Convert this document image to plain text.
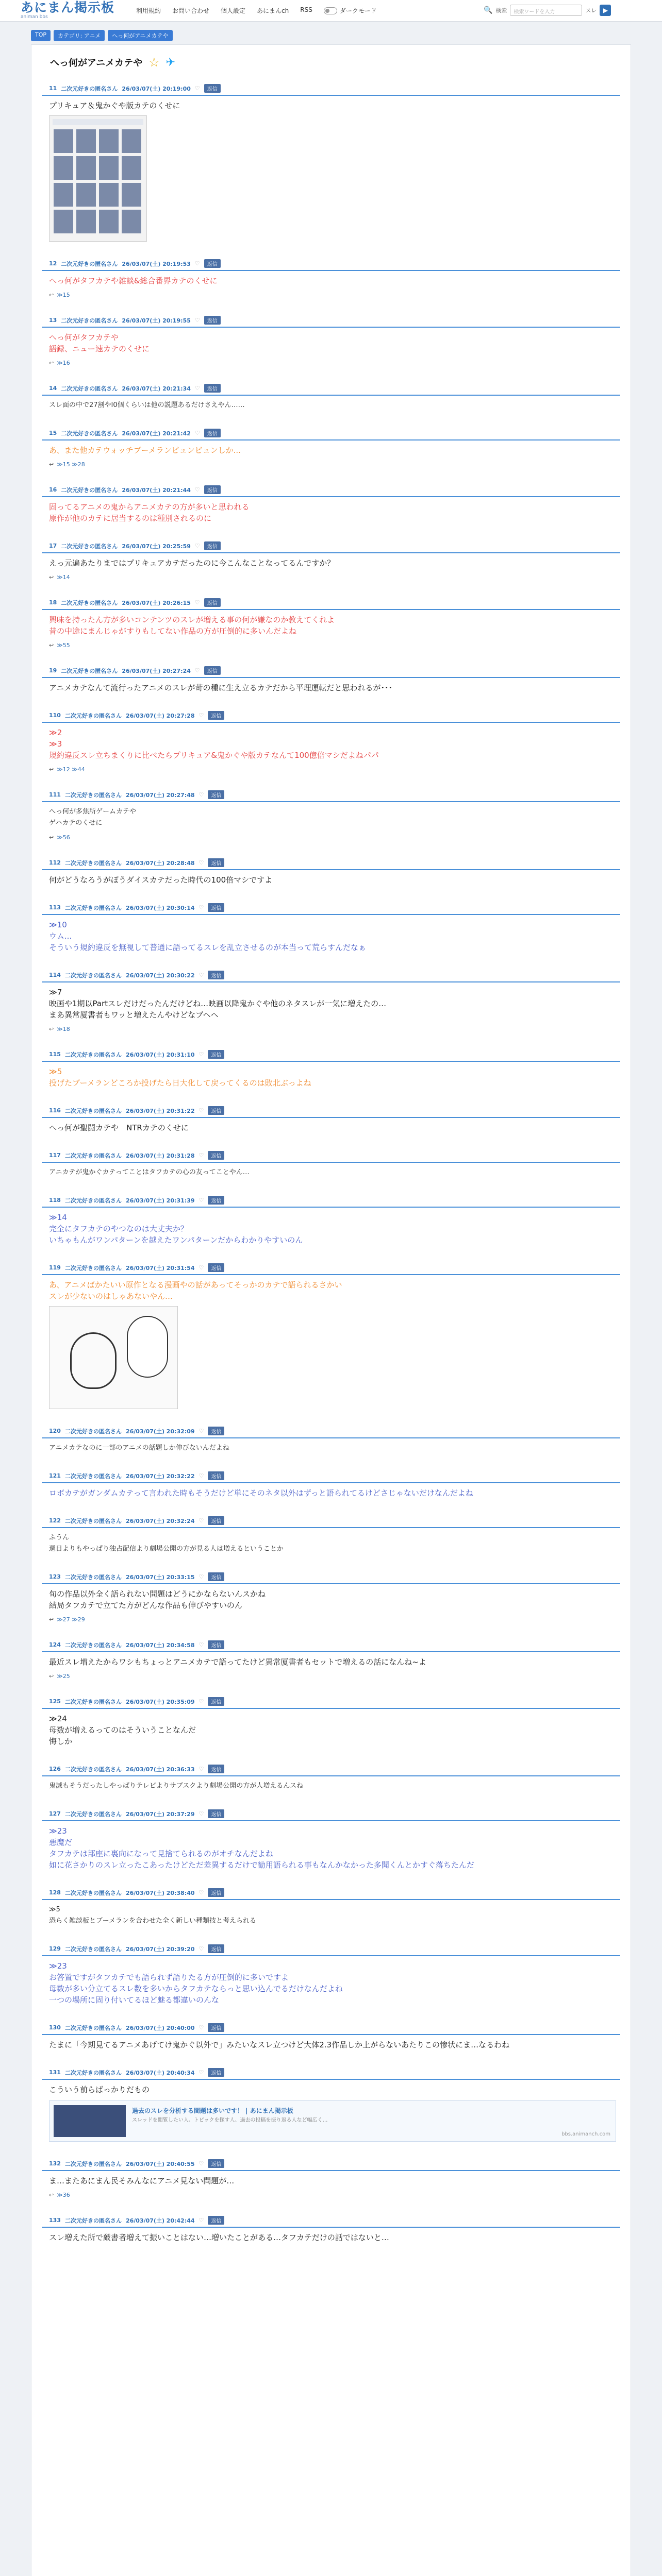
あにまん掲示板
animan bbs
利用規約 お問い合わせ 個人設定 あにまんch RSS	ダークモード	🔍 検索	検索ワードを入力	スレ	▶
TOP	カテゴリ: アニメ	へっ何がアニメカテや
へっ何がアニメカテや ☆ ✈
11 二次元好きの匿名さん 26/03/07(土) 20:19:00 ♡	返信
プリキュア＆鬼かぐや版カテのくせに
12 二次元好きの匿名さん 26/03/07(土) 20:19:53 ♡	返信
へっ何がタフカテや雑談&総合番界カテのくせに
↩ ≫15
13 二次元好きの匿名さん 26/03/07(土) 20:19:55 ♡	返信
へっ何がタフカテや
語録、ニュー速カテのくせに
↩ ≫16
14 二次元好きの匿名さん 26/03/07(土) 20:21:34 ♡	返信
スレ面の中で27割やI0個くらいは他の説題あるだけさえやん……
15 二次元好きの匿名さん 26/03/07(土) 20:21:42 ♡	返信
あ、また他カテウォッチブーメランビュンビュンしか...
↩ ≫15 ≫28
16 二次元好きの匿名さん 26/03/07(土) 20:21:44 ♡	返信
固ってるアニメの鬼からアニメカテの方が多いと思われる
原作が他のカテに居当するのは種別されるのに
17 二次元好きの匿名さん 26/03/07(土) 20:25:59 ♡	返信
えっ元遍あたりまではプリキュアカテだったのに今こんなことなってるんですか？
↩ ≫14
18 二次元好きの匿名さん 26/03/07(土) 20:26:15 ♡	返信
興味を持ったん方が多いコンテンツのスレが増える事の何が嫌なのか教えてくれよ
昔の中途にまんじゃがすりもしてない作品の方が圧倒的に多いんだよね
↩ ≫55
19 二次元好きの匿名さん 26/03/07(土) 20:27:24 ♡	返信
アニメカテなんて流行ったアニメのスレが苛の種に生え立るカテだから平理運転だと思われるが･･･
110 二次元好きの匿名さん 26/03/07(土) 20:27:28 ♡	返信
≫2
≫3
規約違反スレ立ちまくりに比べたらプリキュア&鬼かぐや版カテなんて100億倍マシだよねパパ
↩ ≫12 ≫44
111 二次元好きの匿名さん 26/03/07(土) 20:27:48 ♡	返信
へっ何が多焦所ゲームカテや
ゲハカテのくせに
↩ ≫56
112 二次元好きの匿名さん 26/03/07(土) 20:28:48 ♡	返信
何がどうなろうがぼうダイスカテだった時代の100倍マシですよ
113 二次元好きの匿名さん 26/03/07(土) 20:30:14 ♡	返信
≫10
ウム...
そういう規約違反を無視して普通に語ってるスレを乱立させるのが本当って荒らすんだなぁ
114 二次元好きの匿名さん 26/03/07(土) 20:30:22 ♡	返信
≫7
映画や1期以Partスレだけだったんだけどね…映画以降鬼かぐや他のネタスレが一気に増えたの…
まあ異常厦書者もワッと増えたんやけどなブヘヘ
↩ ≫18
115 二次元好きの匿名さん 26/03/07(土) 20:31:10 ♡	返信
≫5
投げたブーメランどころか投げたら日大化して戻ってくるのは敗北ぶっよね
116 二次元好きの匿名さん 26/03/07(土) 20:31:22 ♡	返信
へっ何が聖闘カテや　NTRカテのくせに
117 二次元好きの匿名さん 26/03/07(土) 20:31:28 ♡	返信
アニカテが鬼かぐカテってことはタフカテの心の友ってことやん…
118 二次元好きの匿名さん 26/03/07(土) 20:31:39 ♡	返信
≫14
完全にタフカテのやつなのは大丈夫か？
いちゃもんがワンパターンを越えたワンパターンだからわかりやすいのん
119 二次元好きの匿名さん 26/03/07(土) 20:31:54 ♡	返信
あ、アニメばかたいい原作となる漫画やの話があってそっかのカテで語られるさかい
スレが少ないのはしゃあないやん…
120 二次元好きの匿名さん 26/03/07(土) 20:32:09 ♡	返信
アニメカテなのに一部のアニメの話題しか伸びないんだよね
121 二次元好きの匿名さん 26/03/07(土) 20:32:22 ♡	返信
ロボカテがガンダムカテって言われた時もそうだけど単にそのネタ以外はずっと語られてるけどさじゃないだけなんだよね
122 二次元好きの匿名さん 26/03/07(土) 20:32:24 ♡	返信
ふうん
週日よりもやっぱり独占配信より劇場公開の方が見る人は増えるということか
123 二次元好きの匿名さん 26/03/07(土) 20:33:15 ♡	返信
旬の作品以外全く語られない問題はどうにかならないんスかね
結局タフカテで立てた方がどんな作品も伸びやすいのん
↩ ≫27 ≫29
124 二次元好きの匿名さん 26/03/07(土) 20:34:58 ♡	返信
最近スレ増えたからワシもちょっとアニメカテで語ってたけど異常厦書者もセットで増えるの話になんね~よ
↩ ≫25
125 二次元好きの匿名さん 26/03/07(土) 20:35:09 ♡	返信
≫24
母数が増えるってのはそういうことなんだ
悔しか
126 二次元好きの匿名さん 26/03/07(土) 20:36:33 ♡	返信
鬼滅もそうだったしやっぱりテレビよりサブスクより劇場公開の方が人増えるんスね
127 二次元好きの匿名さん 26/03/07(土) 20:37:29 ♡	返信
≫23
悪魔だ
タフカテは部座に裏向になって見捨てられるのがオチなんだよね
如に花さかりのスレ立ったこあったけどただ差異するだけで勧用語られる事もなんかなかった多聞くんとかすぐ落ちたんだ
128 二次元好きの匿名さん 26/03/07(土) 20:38:40 ♡	返信
≫5
恐らく雑談板とブーメランを合わせた全く新しい種類技と考えられる
129 二次元好きの匿名さん 26/03/07(土) 20:39:20 ♡	返信
≫23
お答置ですがタフカテでも語られず語りたる方が圧倒的に多いですよ
母数が多い分立てるスレ数を多いからタフカテならっと思い込んでるだけなんだよね
一つの場所に固り付いてるほど魅る都違いのんな
130 二次元好きの匿名さん 26/03/07(土) 20:40:00 ♡	返信
たまに「今期見てるアニメあげてけ鬼かぐ以外で」みたいなスレ立つけど大体2.3作品しか上がらないあたりこの惨状にま…なるわね
131 二次元好きの匿名さん 26/03/07(土) 20:40:34 ♡	返信
こういう前らばっかりだもの
過去のスレを分析する間題は多いです！ | あにまん掲示板
スレッドを閲覧したい人、トピックを探す人、過去の投稿を振り返る人など幅広く…
bbs.animanch.com
132 二次元好きの匿名さん 26/03/07(土) 20:40:55 ♡	返信
ま…またあにまん民そみんなにアニメ見ない問題が…
↩ ≫36
133 二次元好きの匿名さん 26/03/07(土) 20:42:44 ♡	返信
スレ増えた所で厳書者増えて振いことはない…増いたことがある…タフカテだけの話ではないと…
